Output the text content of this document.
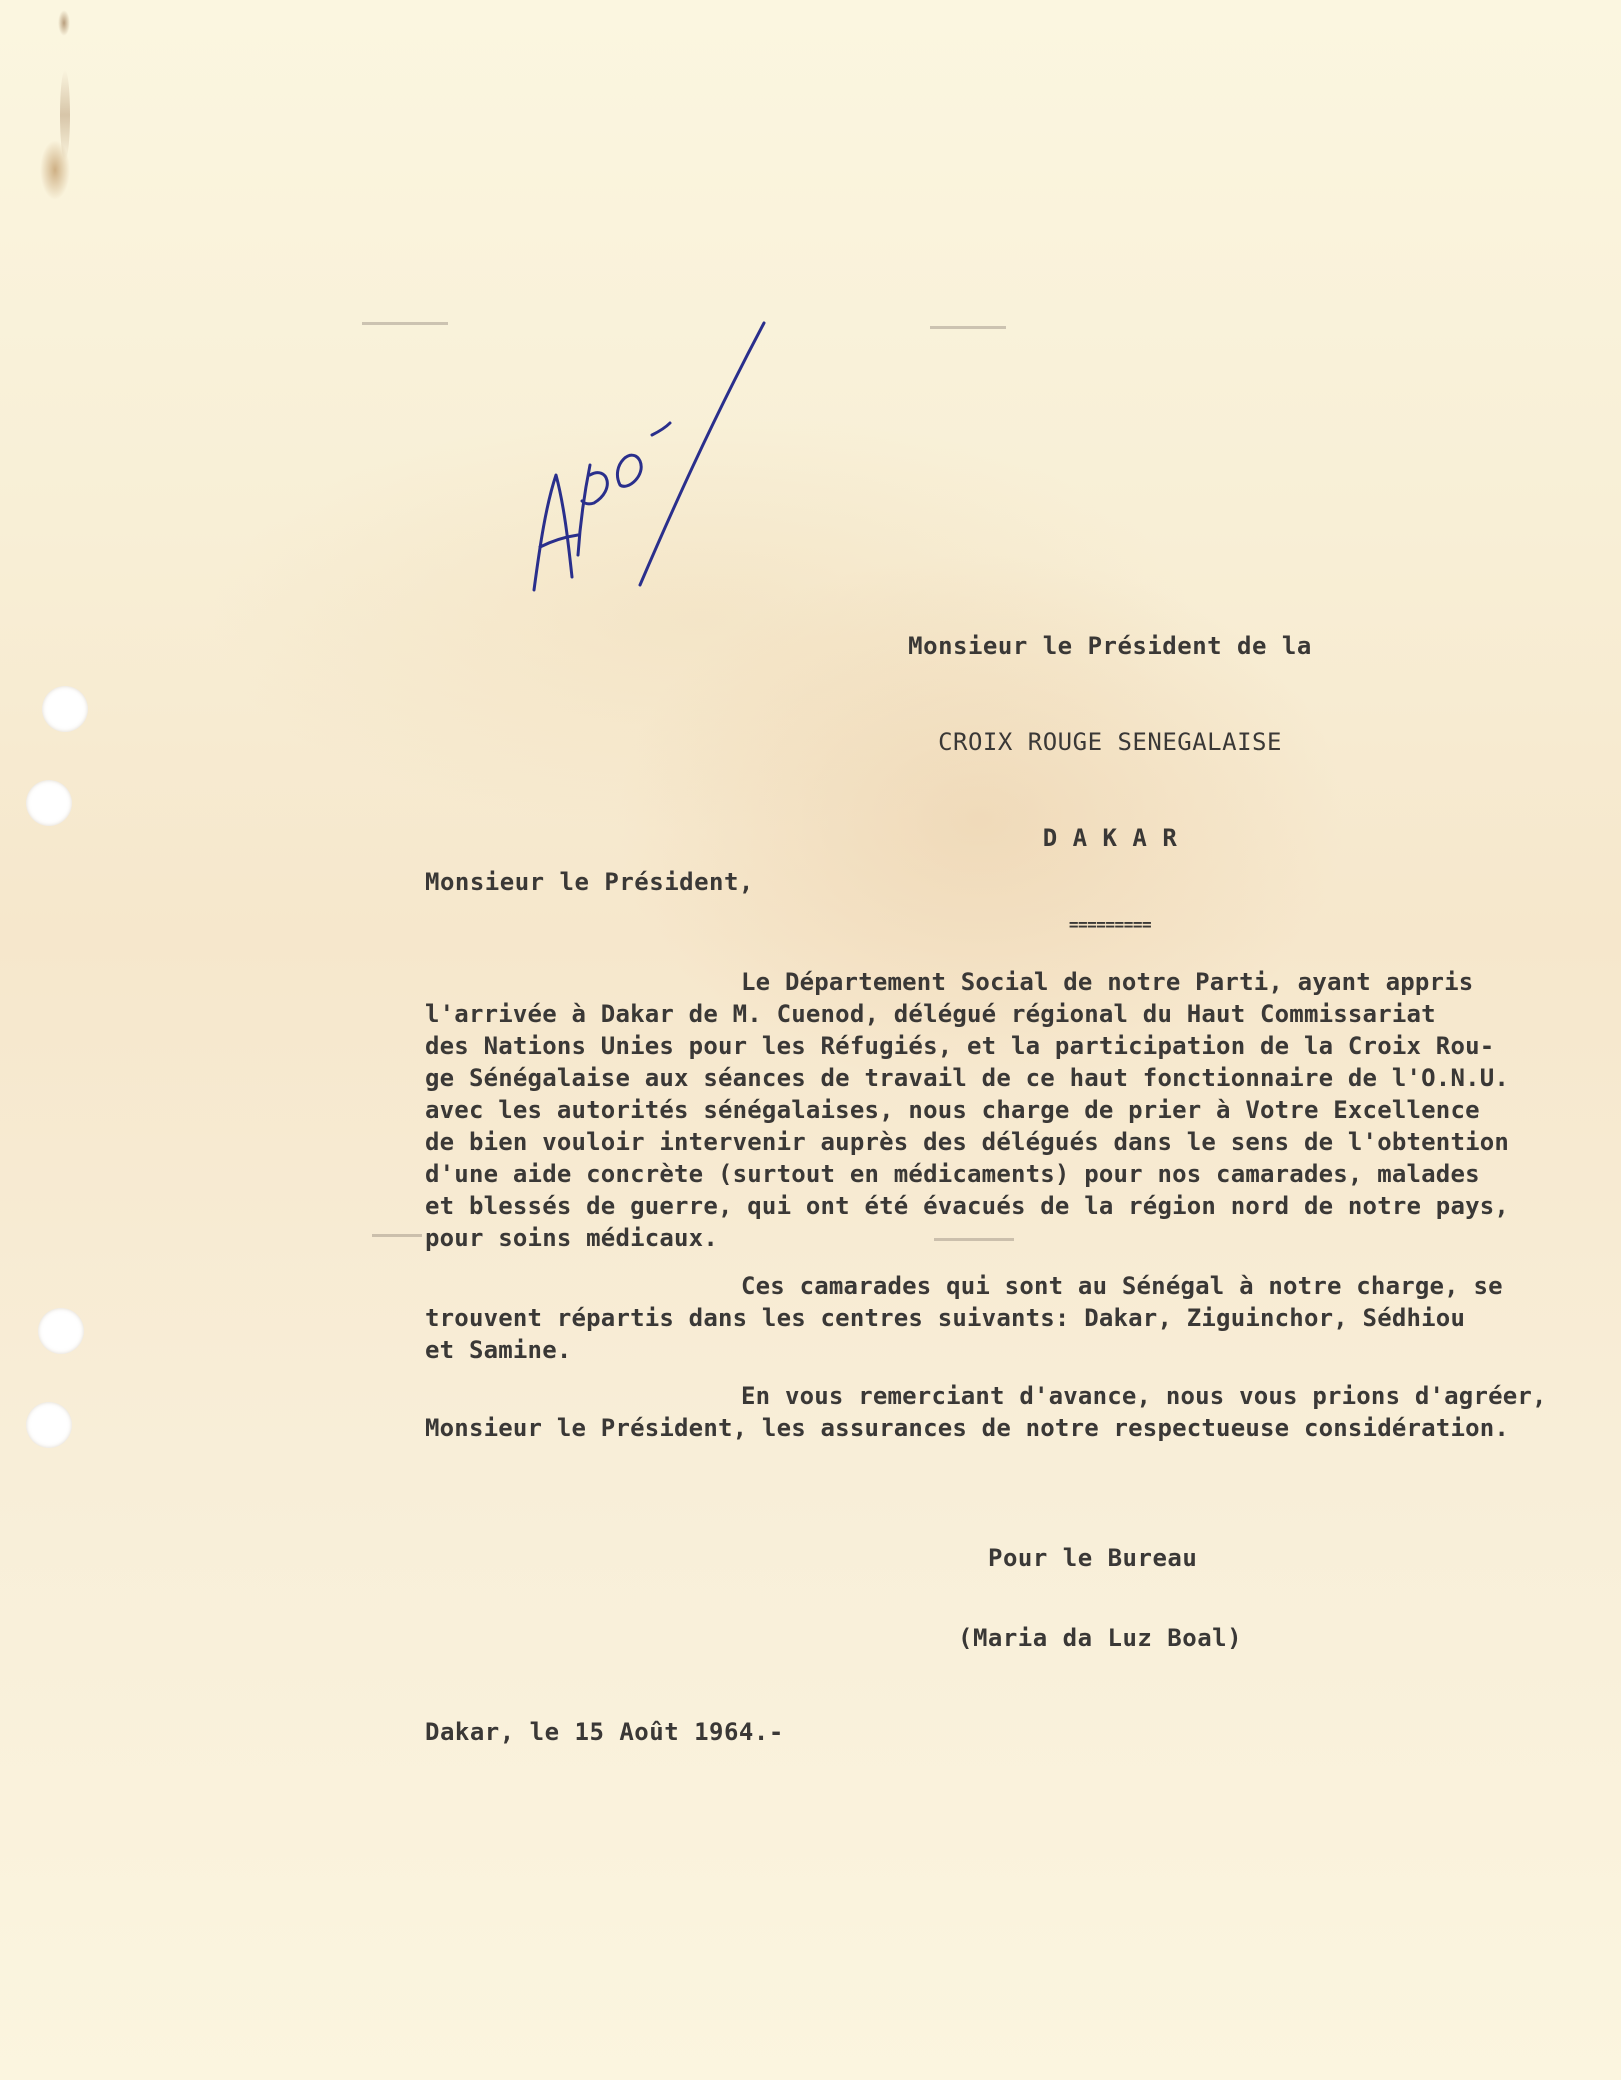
Monsieur le Président de la

CROIX ROUGE SENEGALAISE

D A K A R

=========

Monsieur le Président,
Le Département Social de notre Parti, ayant appris
l'arrivée à Dakar de M. Cuenod, délégué régional du Haut Commissariat
des Nations Unies pour les Réfugiés, et la participation de la Croix Rou-
ge Sénégalaise aux séances de travail de ce haut fonctionnaire de l'O.N.U.
avec les autorités sénégalaises, nous charge de prier à Votre Excellence
de bien vouloir intervenir auprès des délégués dans le sens de l'obtention
d'une aide concrète (surtout en médicaments) pour nos camarades, malades
et blessés de guerre, qui ont été évacués de la région nord de notre pays,
pour soins médicaux.
Ces camarades qui sont au Sénégal à notre charge, se
trouvent répartis dans les centres suivants: Dakar, Ziguinchor, Sédhiou
et Samine.
En vous remerciant d'avance, nous vous prions d'agréer,
Monsieur le Président, les assurances de notre respectueuse considération.
Pour le Bureau
(Maria da Luz Boal)
Dakar, le 15 Août 1964.-
